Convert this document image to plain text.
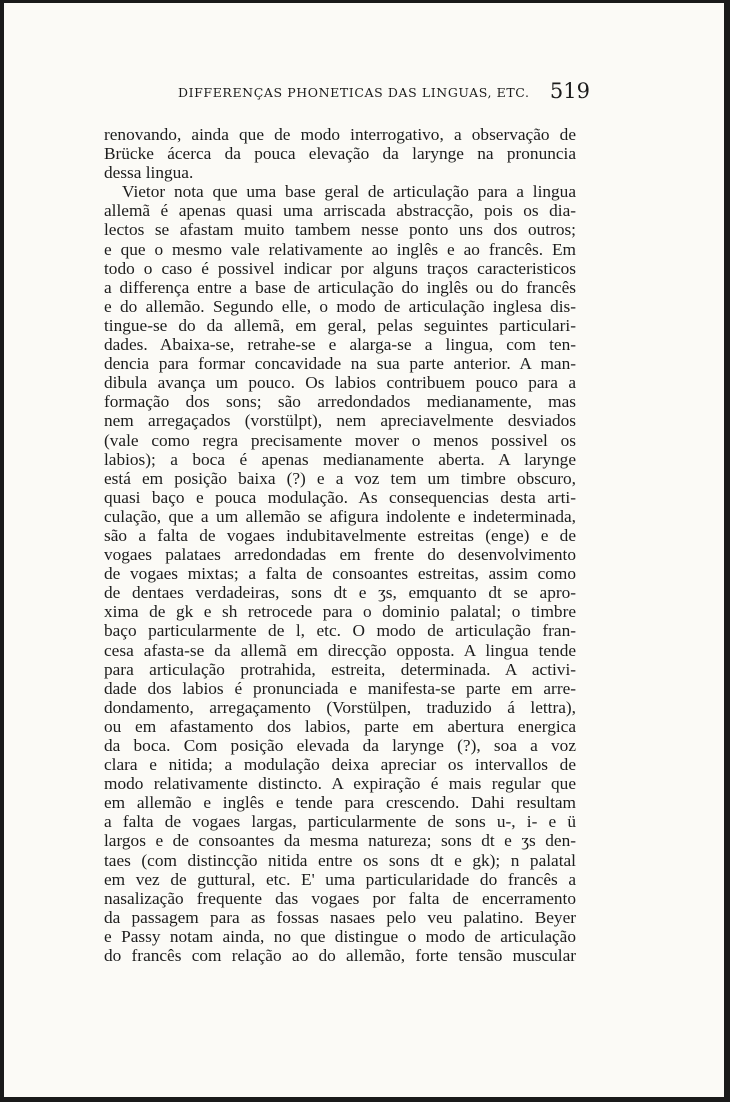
DIFFERENÇAS PHONETICAS DAS LINGUAS, ETC. 519
renovando, ainda que de modo interrogativo, a observação de
Brücke ácerca da pouca elevação da larynge na pronuncia
dessa lingua.
Vietor nota que uma base geral de articulação para a lingua
allemã é apenas quasi uma arriscada abstracção, pois os dia-
lectos se afastam muito tambem nesse ponto uns dos outros;
e que o mesmo vale relativamente ao inglês e ao francês. Em
todo o caso é possivel indicar por alguns traços caracteristicos
a differença entre a base de articulação do inglês ou do francês
e do allemão. Segundo elle, o modo de articulação inglesa dis-
tingue-se do da allemã, em geral, pelas seguintes particulari-
dades. Abaixa-se, retrahe-se e alarga-se a lingua, com ten-
dencia para formar concavidade na sua parte anterior. A man-
dibula avança um pouco. Os labios contribuem pouco para a
formação dos sons; são arredondados medianamente, mas
nem arregaçados (vorstülpt), nem apreciavelmente desviados
(vale como regra precisamente mover o menos possivel os
labios); a boca é apenas medianamente aberta. A larynge
está em posição baixa (?) e a voz tem um timbre obscuro,
quasi baço e pouca modulação. As consequencias desta arti-
culação, que a um allemão se afigura indolente e indeterminada,
são a falta de vogaes indubitavelmente estreitas (enge) e de
vogaes palataes arredondadas em frente do desenvolvimento
de vogaes mixtas; a falta de consoantes estreitas, assim como
de dentaes verdadeiras, sons dt e ʒs, emquanto dt se apro-
xima de gk e sh retrocede para o dominio palatal; o timbre
baço particularmente de l, etc. O modo de articulação fran-
cesa afasta-se da allemã em direcção opposta. A lingua tende
para articulação protrahida, estreita, determinada. A activi-
dade dos labios é pronunciada e manifesta-se parte em arre-
dondamento, arregaçamento (Vorstülpen, traduzido á lettra),
ou em afastamento dos labios, parte em abertura energica
da boca. Com posição elevada da larynge (?), soa a voz
clara e nitida; a modulação deixa apreciar os intervallos de
modo relativamente distincto. A expiração é mais regular que
em allemão e inglês e tende para crescendo. Dahi resultam
a falta de vogaes largas, particularmente de sons u-, i- e ü
largos e de consoantes da mesma natureza; sons dt e ʒs den-
taes (com distincção nitida entre os sons dt e gk); n palatal
em vez de guttural, etc. E' uma particularidade do francês a
nasalização frequente das vogaes por falta de encerramento
da passagem para as fossas nasaes pelo veu palatino. Beyer
e Passy notam ainda, no que distingue o modo de articulação
do francês com relação ao do allemão, forte tensão muscular
